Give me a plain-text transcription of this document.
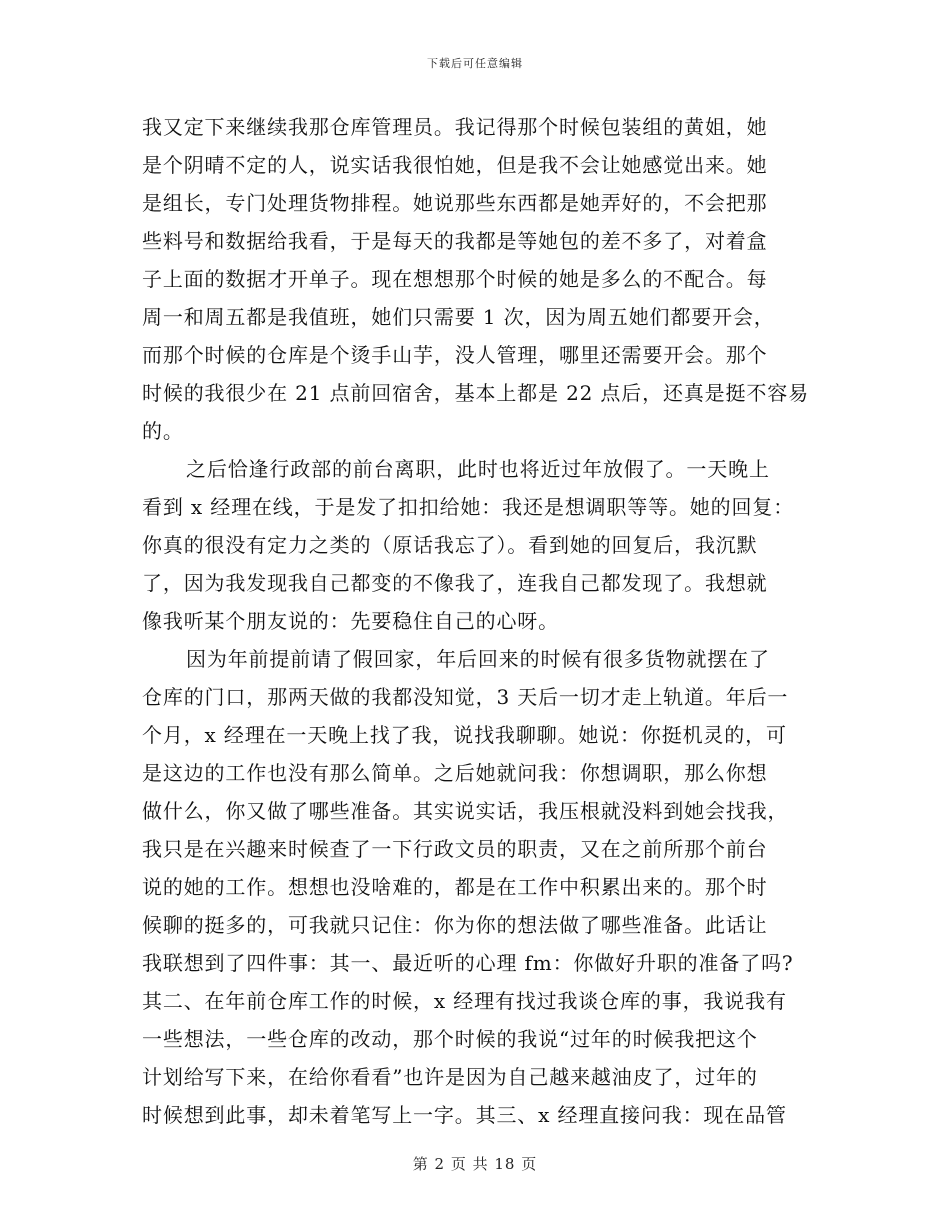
下载后可任意编辑
我又定下来继续我那仓库管理员。我记得那个时候包装组的黄姐，她
是个阴晴不定的人，说实话我很怕她，但是我不会让她感觉出来。她
是组长，专门处理货物排程。她说那些东西都是她弄好的，不会把那
些料号和数据给我看，于是每天的我都是等她包的差不多了，对着盒
子上面的数据才开单子。现在想想那个时候的她是多么的不配合。每
周一和周五都是我值班，她们只需要 1 次，因为周五她们都要开会，
而那个时候的仓库是个烫手山芋，没人管理，哪里还需要开会。那个
时候的我很少在 21 点前回宿舍，基本上都是 22 点后，还真是挺不容易
的。
之后恰逢行政部的前台离职，此时也将近过年放假了。一天晚上
看到 x 经理在线，于是发了扣扣给她：我还是想调职等等。她的回复：
你真的很没有定力之类的（原话我忘了）。看到她的回复后，我沉默
了，因为我发现我自己都变的不像我了，连我自己都发现了。我想就
像我听某个朋友说的：先要稳住自己的心呀。
因为年前提前请了假回家，年后回来的时候有很多货物就摆在了
仓库的门口，那两天做的我都没知觉，3 天后一切才走上轨道。年后一
个月，x 经理在一天晚上找了我，说找我聊聊。她说：你挺机灵的，可
是这边的工作也没有那么简单。之后她就问我：你想调职，那么你想
做什么，你又做了哪些准备。其实说实话，我压根就没料到她会找我，
我只是在兴趣来时候查了一下行政文员的职责，又在之前所那个前台
说的她的工作。想想也没啥难的，都是在工作中积累出来的。那个时
候聊的挺多的，可我就只记住：你为你的想法做了哪些准备。此话让
我联想到了四件事：其一、最近听的心理 fm：你做好升职的准备了吗?
其二、在年前仓库工作的时候，x 经理有找过我谈仓库的事，我说我有
一些想法，一些仓库的改动，那个时候的我说“过年的时候我把这个
计划给写下来，在给你看看”也许是因为自己越来越油皮了，过年的
时候想到此事，却未着笔写上一字。其三、x 经理直接问我：现在品管
第 2 页 共 18 页
